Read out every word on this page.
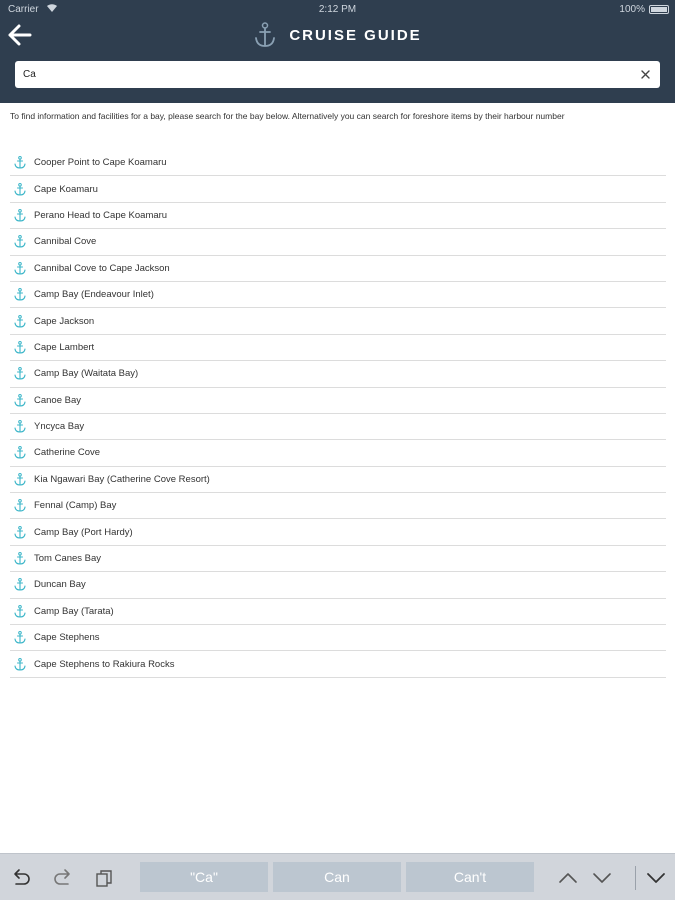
Carrier	2:12 PM	100%
CRUISE GUIDE
Ca

To find information and facilities for a bay, please search for the bay below. Alternatively you can search for foreshore items by their harbour number

Cooper Point to Cape Koamaru
Cape Koamaru
Perano Head to Cape Koamaru
Cannibal Cove
Cannibal Cove to Cape Jackson
Camp Bay (Endeavour Inlet)
Cape Jackson
Cape Lambert
Camp Bay (Waitata Bay)
Canoe Bay
Yncyca Bay
Catherine Cove
Kia Ngawari Bay (Catherine Cove Resort)
Fennal (Camp) Bay
Camp Bay (Port Hardy)
Tom Canes Bay
Duncan Bay
Camp Bay (Tarata)
Cape Stephens
Cape Stephens to Rakiura Rocks
"Ca"	Can	Can't
